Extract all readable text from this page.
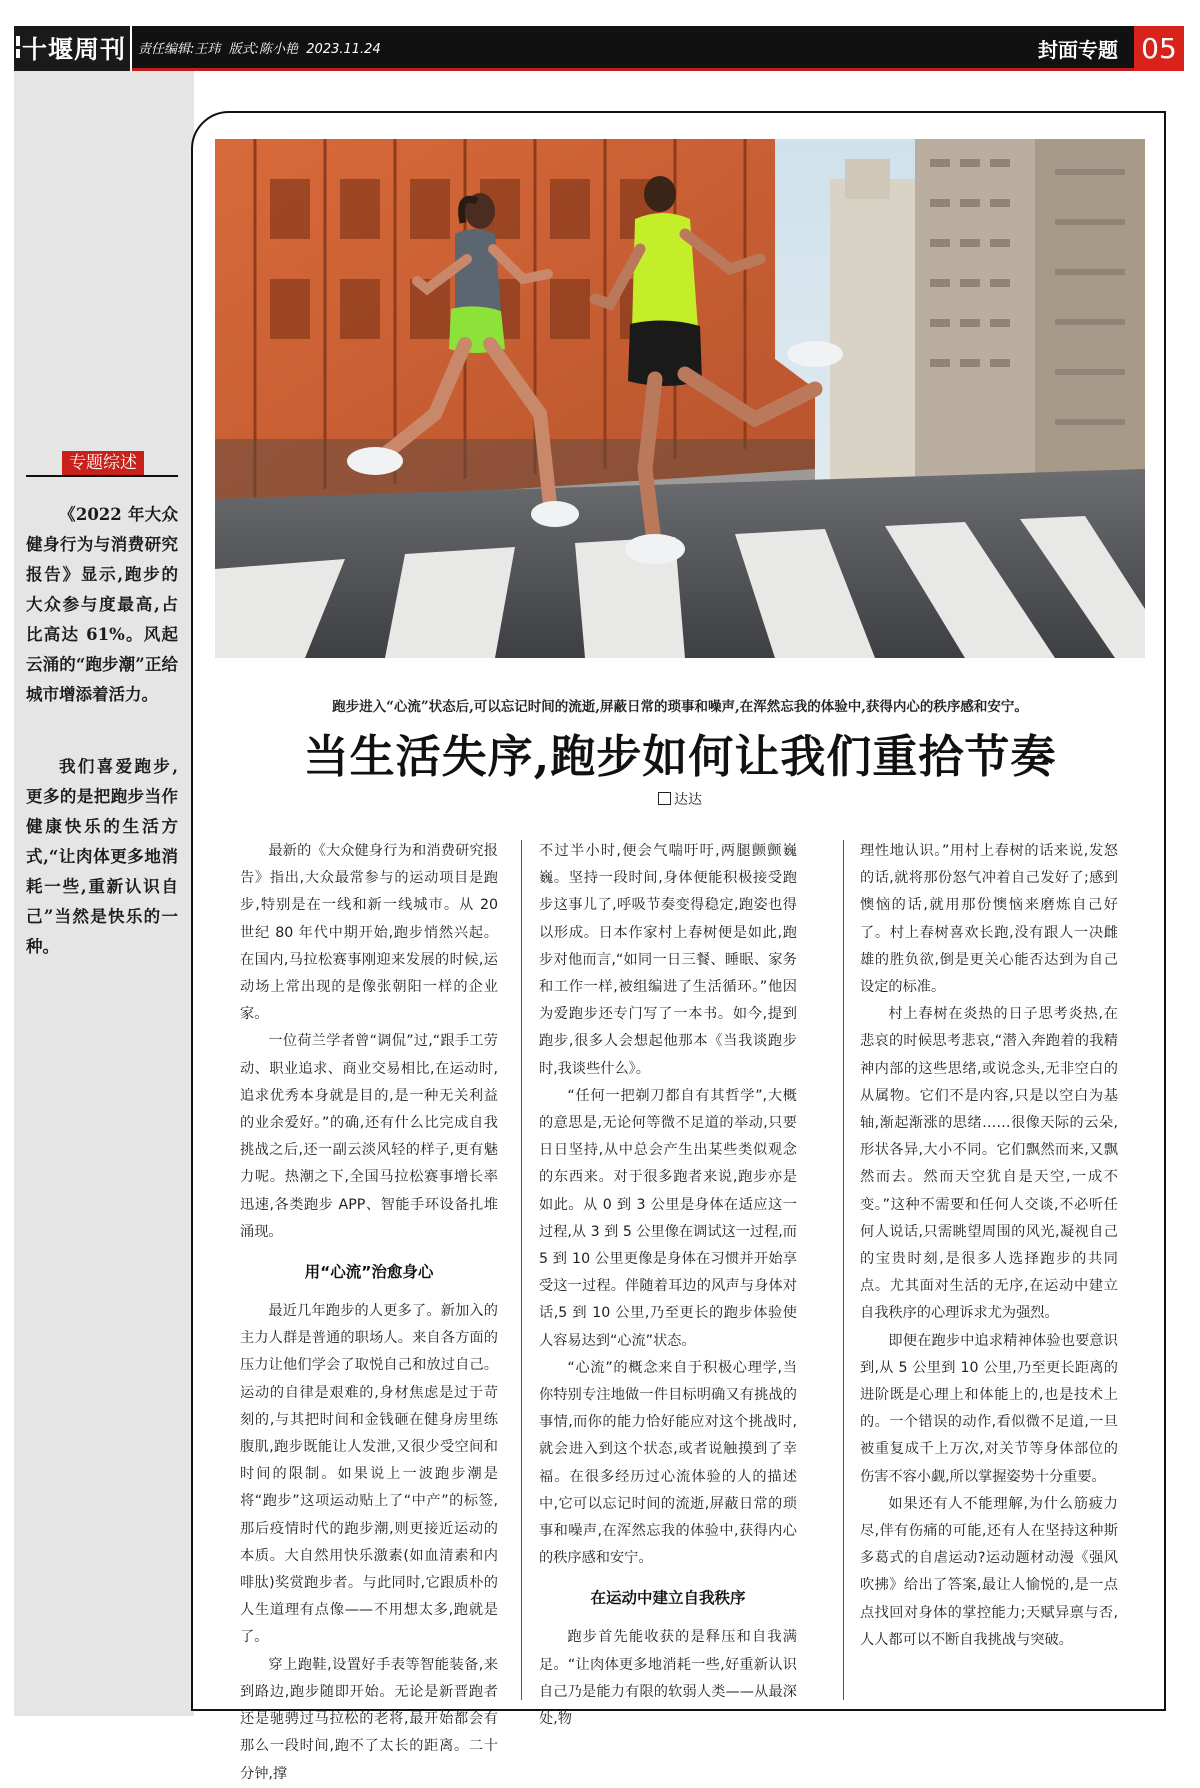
十堰周刊 责任编辑:王玮  版式:陈小艳  2023.11.24	封面专题 05
专题综述

《2022 年大众健身行为与消费研究报告》显示,跑步的大众参与度最高,占比高达 61%。风起云涌的“跑步潮”正给城市增添着活力。

我们喜爱跑步,更多的是把跑步当作健康快乐的生活方式,“让肉体更多地消耗一些,重新认识自己”当然是快乐的一种。

跑步进入“心流”状态后,可以忘记时间的流逝,屏蔽日常的琐事和噪声,在浑然忘我的体验中,获得内心的秩序感和安宁。
当生活失序,跑步如何让我们重拾节奏
达达

最新的《大众健身行为和消费研究报告》指出,大众最常参与的运动项目是跑步,特别是在一线和新一线城市。从 20 世纪 80 年代中期开始,跑步悄然兴起。在国内,马拉松赛事刚迎来发展的时候,运动场上常出现的是像张朝阳一样的企业家。

一位荷兰学者曾“调侃”过,“跟手工劳动、职业追求、商业交易相比,在运动时,追求优秀本身就是目的,是一种无关利益的业余爱好。”的确,还有什么比完成自我挑战之后,还一副云淡风轻的样子,更有魅力呢。热潮之下,全国马拉松赛事增长率迅速,各类跑步 APP、智能手环设备扎堆涌现。

用“心流”治愈身心

最近几年跑步的人更多了。新加入的主力人群是普通的职场人。来自各方面的压力让他们学会了取悦自己和放过自己。运动的自律是艰难的,身材焦虑是过于苛刻的,与其把时间和金钱砸在健身房里练腹肌,跑步既能让人发泄,又很少受空间和时间的限制。如果说上一波跑步潮是将“跑步”这项运动贴上了“中产”的标签,那后疫情时代的跑步潮,则更接近运动的本质。大自然用快乐激素(如血清素和内啡肽)奖赏跑步者。与此同时,它跟质朴的人生道理有点像——不用想太多,跑就是了。

穿上跑鞋,设置好手表等智能装备,来到路边,跑步随即开始。无论是新晋跑者还是驰骋过马拉松的老将,最开始都会有那么一段时间,跑不了太长的距离。二十分钟,撑

不过半小时,便会气喘吁吁,两腿颤颤巍巍。坚持一段时间,身体便能积极接受跑步这事儿了,呼吸节奏变得稳定,跑姿也得以形成。日本作家村上春树便是如此,跑步对他而言,“如同一日三餐、睡眠、家务和工作一样,被组编进了生活循环。”他因为爱跑步还专门写了一本书。如今,提到跑步,很多人会想起他那本《当我谈跑步时,我谈些什么》。

“任何一把剃刀都自有其哲学”,大概的意思是,无论何等微不足道的举动,只要日日坚持,从中总会产生出某些类似观念的东西来。对于很多跑者来说,跑步亦是如此。从 0 到 3 公里是身体在适应这一过程,从 3 到 5 公里像在调试这一过程,而 5 到 10 公里更像是身体在习惯并开始享受这一过程。伴随着耳边的风声与身体对话,5 到 10 公里,乃至更长的跑步体验使人容易达到“心流”状态。

“心流”的概念来自于积极心理学,当你特别专注地做一件目标明确又有挑战的事情,而你的能力恰好能应对这个挑战时,就会进入到这个状态,或者说触摸到了幸福。在很多经历过心流体验的人的描述中,它可以忘记时间的流逝,屏蔽日常的琐事和噪声,在浑然忘我的体验中,获得内心的秩序感和安宁。

在运动中建立自我秩序

跑步首先能收获的是释压和自我满足。“让肉体更多地消耗一些,好重新认识自己乃是能力有限的软弱人类——从最深处,物

理性地认识。”用村上春树的话来说,发怒的话,就将那份怒气冲着自己发好了;感到懊恼的话,就用那份懊恼来磨炼自己好了。村上春树喜欢长跑,没有跟人一决雌雄的胜负欲,倒是更关心能否达到为自己设定的标准。

村上春树在炎热的日子思考炎热,在悲哀的时候思考悲哀,“潜入奔跑着的我精神内部的这些思绪,或说念头,无非空白的从属物。它们不是内容,只是以空白为基轴,渐起渐涨的思绪……很像天际的云朵,形状各异,大小不同。它们飘然而来,又飘然而去。然而天空犹自是天空,一成不变。”这种不需要和任何人交谈,不必听任何人说话,只需眺望周围的风光,凝视自己的宝贵时刻,是很多人选择跑步的共同点。尤其面对生活的无序,在运动中建立自我秩序的心理诉求尤为强烈。

即便在跑步中追求精神体验也要意识到,从 5 公里到 10 公里,乃至更长距离的进阶既是心理上和体能上的,也是技术上的。一个错误的动作,看似微不足道,一旦被重复成千上万次,对关节等身体部位的伤害不容小觑,所以掌握姿势十分重要。

如果还有人不能理解,为什么筋疲力尽,伴有伤痛的可能,还有人在坚持这种斯多葛式的自虐运动?运动题材动漫《强风吹拂》给出了答案,最让人愉悦的,是一点点找回对身体的掌控能力;天赋异禀与否,人人都可以不断自我挑战与突破。
